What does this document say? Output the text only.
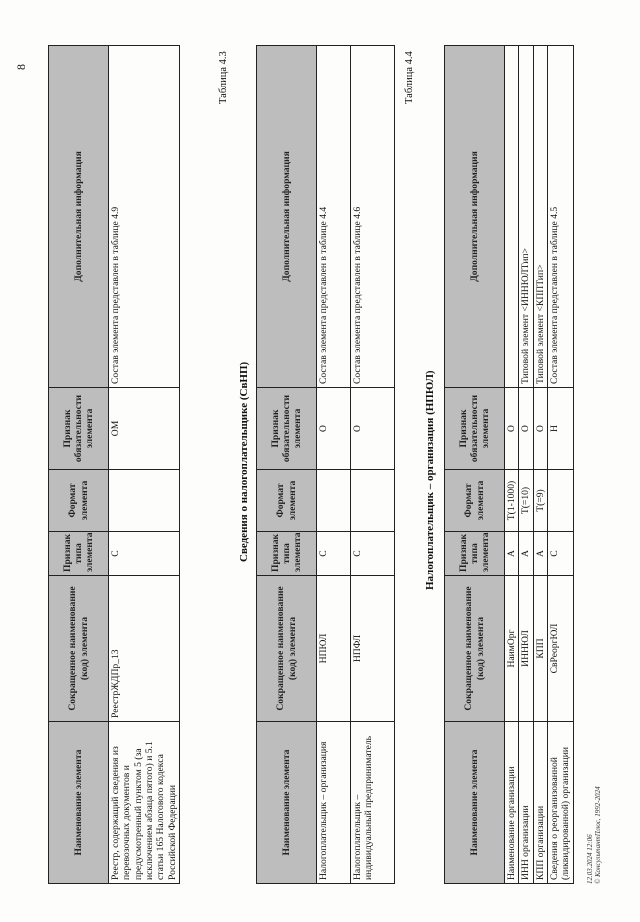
8
Наименование элемента	Сокращенное наименование (код) элемента	Признак типа элемента	Формат элемента	Признак обязательности элемента	Дополнительная информация
Реестр, содержащий сведения из перевозочных документов и предусмотренный пунктом 5 (за исключением абзаца пятого) и 5.1 статьи 165 Налогового кодекса Российской Федерации	РеестрЖДПр_13	С		ОМ	Состав элемента представлен в таблице 4.9
Таблица 4.3
Сведения о налогоплательщике (СвНП)
Наименование элемента	Сокращенное наименование (код) элемента	Признак типа элемента	Формат элемента	Признак обязательности элемента	Дополнительная информация
Налогоплательщик – организация	НПЮЛ	С		О	Состав элемента представлен в таблице 4.4
Налогоплательщик – индивидуальный предприниматель	НПФЛ	С		О	Состав элемента представлен в таблице 4.6
Таблица 4.4
Налогоплательщик – организация (НПЮЛ)
Наименование элемента	Сокращенное наименование (код) элемента	Признак типа элемента	Формат элемента	Признак обязательности элемента	Дополнительная информация
Наименование организации	НаимОрг	А	T(1-1000)	О	
ИНН организации	ИННЮЛ	А	T(=10)	О	Типовой элемент <ИННЮЛТип>
КПП организации	КПП	А	T(=9)	О	Типовой элемент <КППТип>
Сведения о реорганизованной (ликвидированной) организации	СвРеоргЮЛ	С		Н	Состав элемента представлен в таблице 4.5
12.03.2024 12:06 © КонсультантПлюс, 1992-2024
